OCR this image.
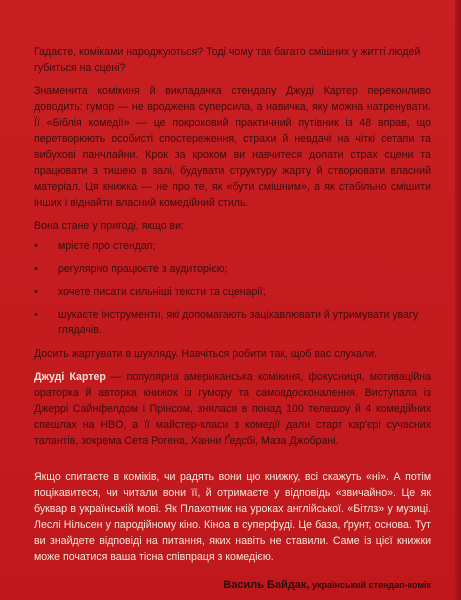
Гадаєте, коміками народжуються? Тоді чому так багато смішних у житті людей губиться на сцені?

Знаменита комікиня й викладачка стендапу Джуді Картер переконливо доводить: гумор — не вроджена суперсила, а навичка, яку можна натренувати. Її «Біблія комедії» — це покроковий практичний путівник із 48 вправ, що перетворюють особисті спостереження, страхи й невдачі на чіткі сетапи та вибухові панчлайни. Крок за кроком ви навчитеся долати страх сцени та працювати з тишею в залі, будувати структуру жарту й створювати власний матеріал. Ця книжка — не про те, як «бути смішним», а як стабільно смішити інших і віднайти власний комедійний стиль.

Вона стане у пригоді, якщо ви:

• мрієте про стендап;
• регулярно працюєте з аудиторією;
• хочете писати сильніші тексти та сценарії;
• шукаєте інструменти, які допомагають зацікавлювати й утримувати увагу глядачів.

Досить жартувати в шухляду. Навчіться робити так, щоб вас слухали.

Джуді Картер — популярна американська комікиня, фокусниця, мотиваційна ораторка й авторка книжок із гумору та самовдосконалення. Виступала із Джеррі Сайнфелдом і Прінсом, знялася в понад 100 телешоу й 4 комедійних спешлах на HBO, а її майстер-класи з комедії дали старт кар'єрі сучасних талантів, зокрема Сета Рогена, Ханни Ґедсбі, Маза Джобрані.

Якщо спитаєте в коміків, чи радять вони цю книжку, всі скажуть «ні». А потім поцікавитеся, чи читали вони її, й отримаєте у відповідь «звичайно». Це як буквар в українській мові. Як Плахотник на уроках англійської. «Бітлз» у музиці. Леслі Нільсен у пародійному кіно. Кіноа в суперфуді. Це база, ґрунт, основа. Тут ви знайдете відповіді на питання, яких навіть не ставили. Саме із цієї книжки може початися ваша тісна співпраця з комедією.

Василь Байдак, український стендап-комік
